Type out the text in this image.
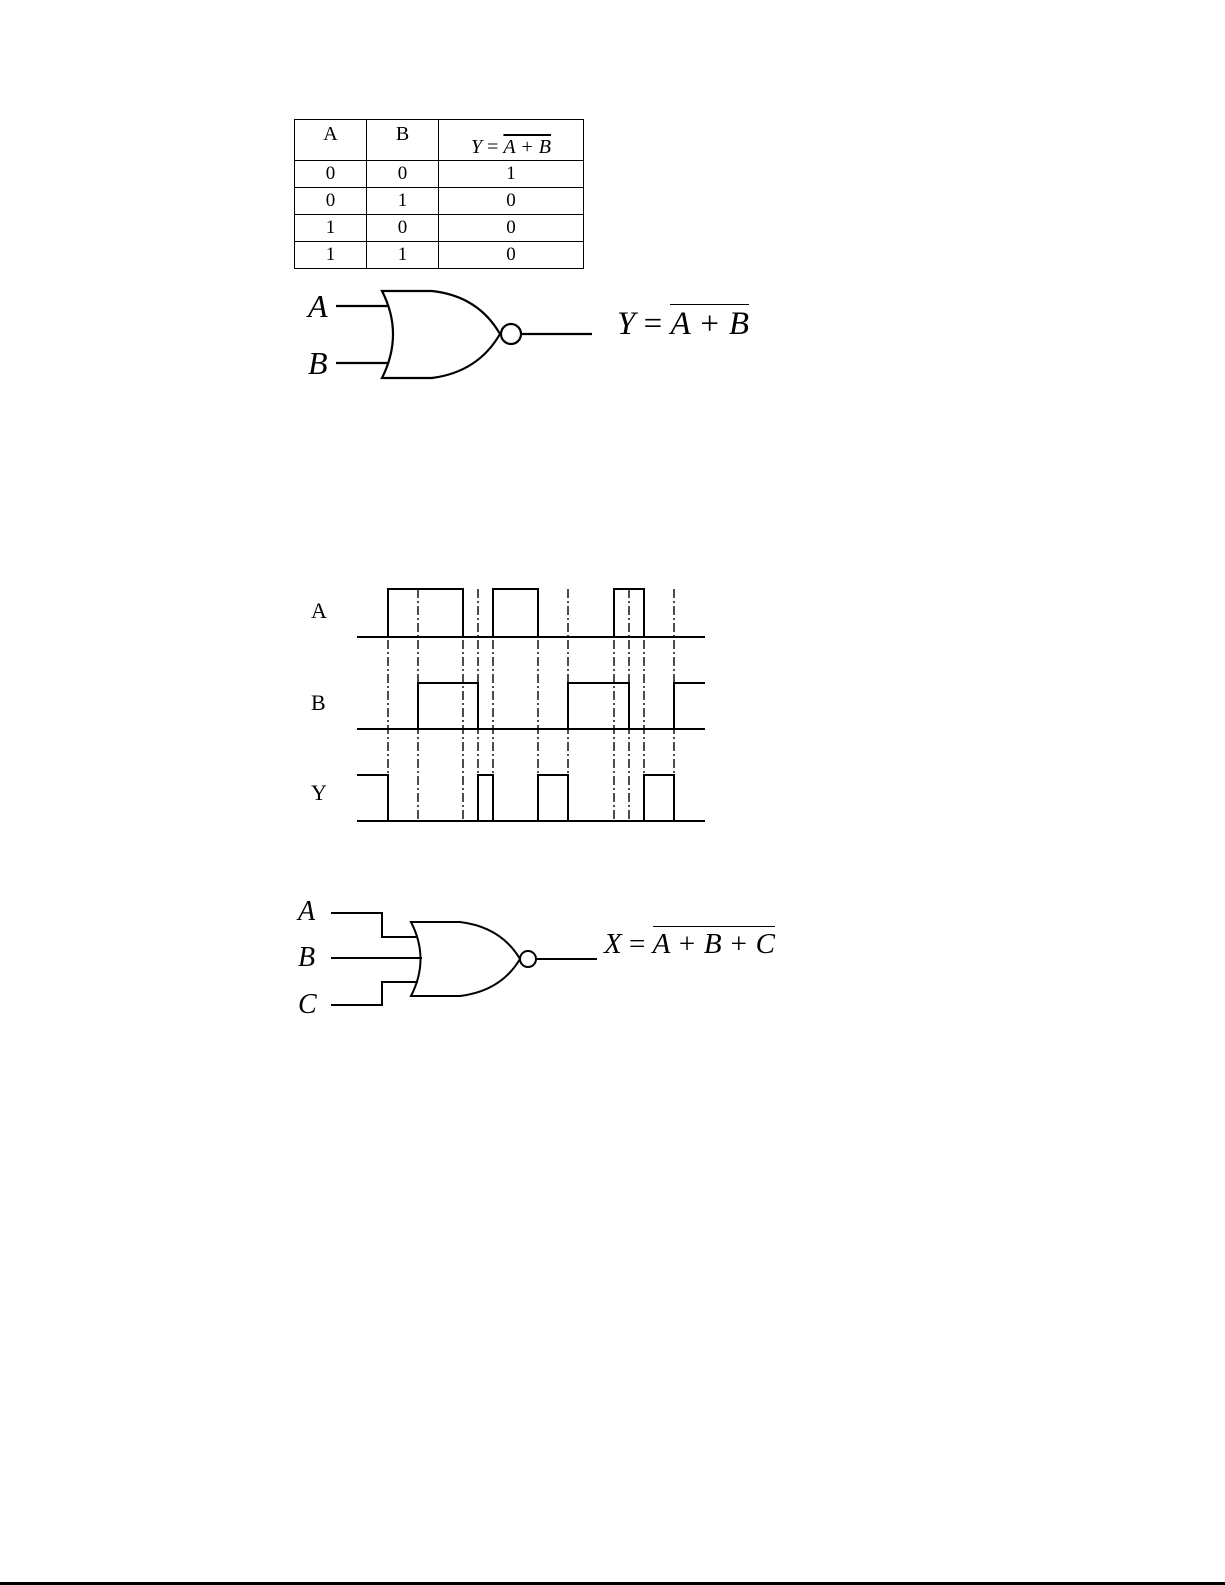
A	B	Y = A + B
0	0	1
0	1	0
1	0	0
1	1	0
A
B
Y = A + B
A
B
Y
A
B
C
X = A + B + C
